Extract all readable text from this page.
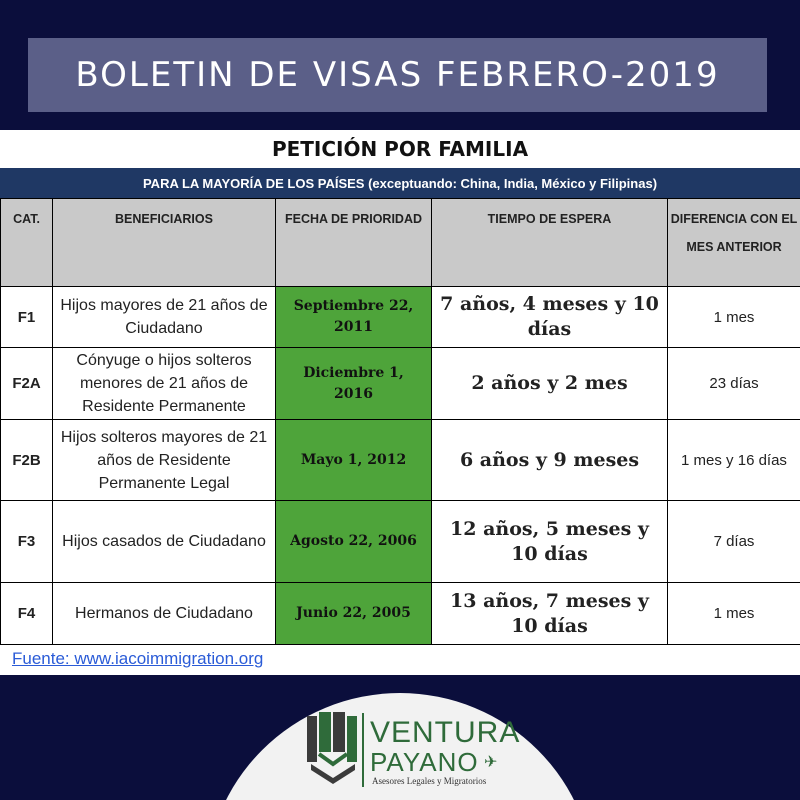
BOLETIN DE VISAS FEBRERO-2019
PETICIÓN POR FAMILIA
PARA LA MAYORÍA DE LOS PAÍSES (exceptuando: China, India, México y Filipinas)
CAT.	BENEFICIARIOS	FECHA DE PRIORIDAD	TIEMPO DE ESPERA	DIFERENCIA CON EL MES ANTERIOR
F1	Hijos mayores de 21 años de Ciudadano	Septiembre 22, 2011	7 años, 4 meses y 10 días	1 mes
F2A	Cónyuge o hijos solteros menores de 21 años de Residente Permanente	Diciembre 1, 2016	2 años y 2 mes	23 días
F2B	Hijos solteros mayores de 21 años de Residente Permanente Legal	Mayo 1, 2012	6 años y 9 meses	1 mes y 16 días
F3	Hijos casados de Ciudadano	Agosto 22, 2006	12 años, 5 meses y 10 días	7 días
F4	Hermanos de Ciudadano	Junio 22, 2005	13 años, 7 meses y 10 días	1 mes
Fuente: www.iacoimmigration.org
VENTURA
PAYANO ✈
Asesores Legales y Migratorios
